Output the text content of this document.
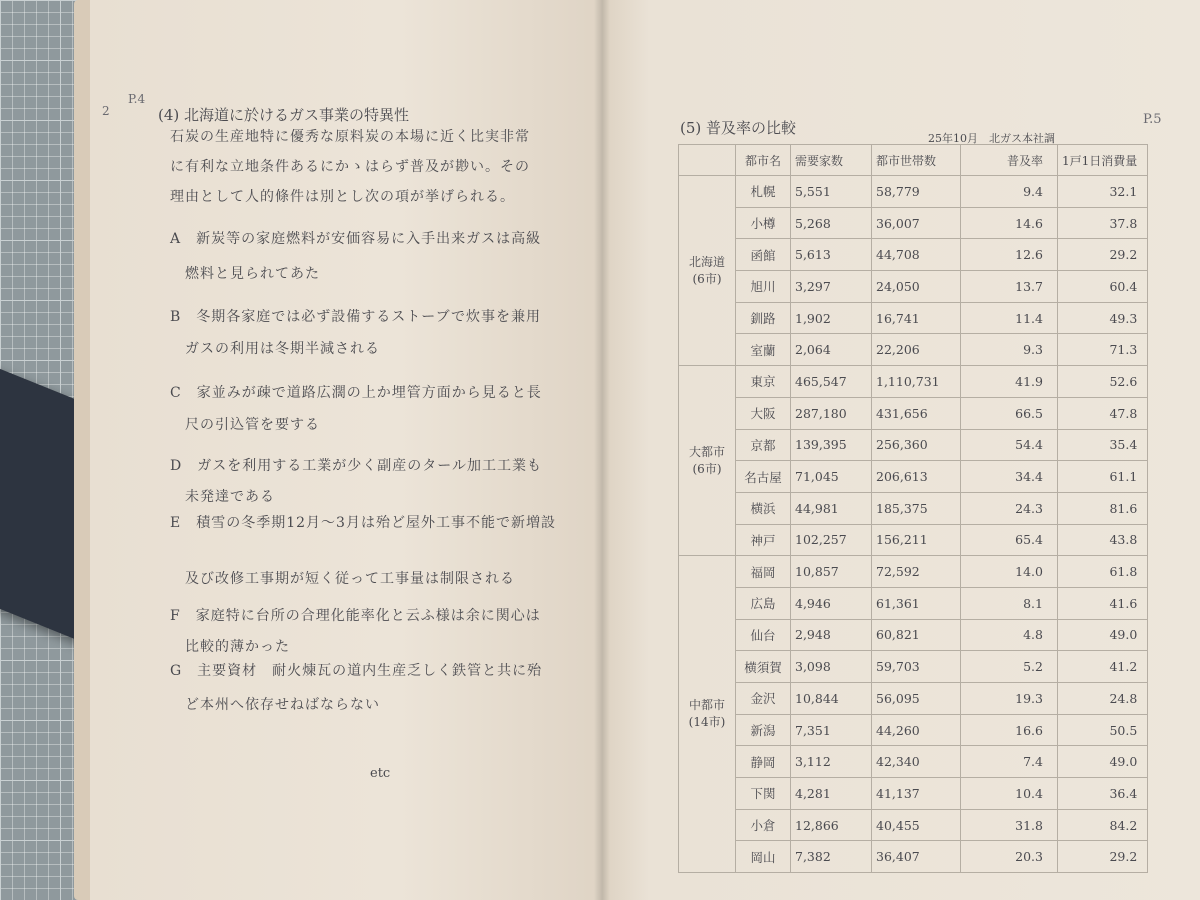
P.4
2	(4) 北海道に於けるガス事業の特異性
石炭の生産地特に優秀な原料炭の本場に近く比実非常
に有利な立地条件あるにかゝはらず普及が尠い。その
理由として人的條件は別とし次の項が挙げられる。
A　新炭等の家庭燃料が安価容易に入手出来ガスは高級
　燃料と見られてあた
B　冬期各家庭では必ず設備するストーブで炊事を兼用
　ガスの利用は冬期半減される
C　家並みが疎で道路広濶の上か埋管方面から見ると長
　尺の引込管を要する
D　ガスを利用する工業が少く副産のタール加工工業も
　未発達である
E　積雪の冬季期12月～3月は殆ど屋外工事不能で新増設
　及び改修工事期が短く従って工事量は制限される
F　家庭特に台所の合理化能率化と云ふ様は余に関心は
　比較的薄かった
G　主要資材　耐火煉瓦の道内生産乏しく鉄管と共に殆
　ど本州へ依存せねばならない
etc
P.5
(5) 普及率の比較
25年10月　北ガス本社調
	都市名	需要家数	都市世帯数	普及率	1戸1日消費量

北海道
(6市)	札幌	5,551	58,779	9.4	32.1
	小樽	5,268	36,007	14.6	37.8
	函館	5,613	44,708	12.6	29.2
	旭川	3,297	24,050	13.7	60.4
	釧路	1,902	16,741	11.4	49.3
	室蘭	2,064	22,206	9.3	71.3

大都市
(6市)	東京	465,547	1,110,731	41.9	52.6
	大阪	287,180	431,656	66.5	47.8
	京都	139,395	256,360	54.4	35.4
	名古屋	71,045	206,613	34.4	61.1
	横浜	44,981	185,375	24.3	81.6
	神戸	102,257	156,211	65.4	43.8

中都市
(14市)	福岡	10,857	72,592	14.0	61.8
	広島	4,946	61,361	8.1	41.6
	仙台	2,948	60,821	4.8	49.0
	横須賀	3,098	59,703	5.2	41.2
	金沢	10,844	56,095	19.3	24.8
	新潟	7,351	44,260	16.6	50.5
	静岡	3,112	42,340	7.4	49.0
	下関	4,281	41,137	10.4	36.4
	小倉	12,866	40,455	31.8	84.2
	岡山	7,382	36,407	20.3	29.2
